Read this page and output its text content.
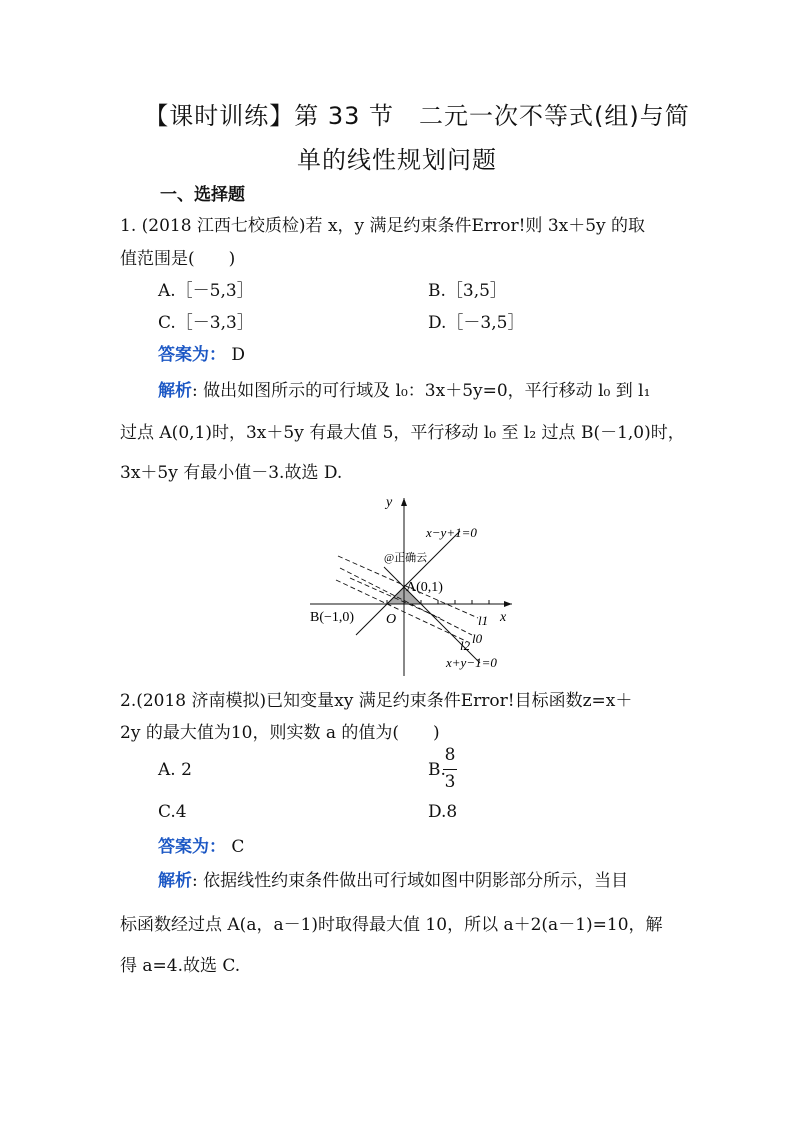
【课时训练】第 33 节　二元一次不等式(组)与简
单的线性规划问题
一、选择题
1. (2018 江西七校质检)若 x，y 满足约束条件Error!则 3x＋5y 的取
值范围是(　　)
A.［－5,3］	B.［3,5］
C.［－3,3］	D.［－3,5］
答案为： D
解析: 做出如图所示的可行域及 l₀：3x＋5y=0，平行移动 l₀ 到 l₁
过点 A(0,1)时，3x＋5y 有最大值 5，平行移动 l₀ 至 l₂ 过点 B(－1,0)时，
3x＋5y 有最小值－3.故选 D.
y
x
O
A(0,1)
B(−1,0)
x−y+1=0
x+y−1=0
@正确云
l1
l0
l2
2.(2018 济南模拟)已知变量xy 满足约束条件Error!目标函数z=x＋
2y 的最大值为10，则实数 a 的值为(　　)
A. 2	B.
8
3
C.4	D.8
答案为： C
解析: 依据线性约束条件做出可行域如图中阴影部分所示，当目
标函数经过点 A(a，a－1)时取得最大值 10，所以 a＋2(a－1)=10，解
得 a=4.故选 C.
